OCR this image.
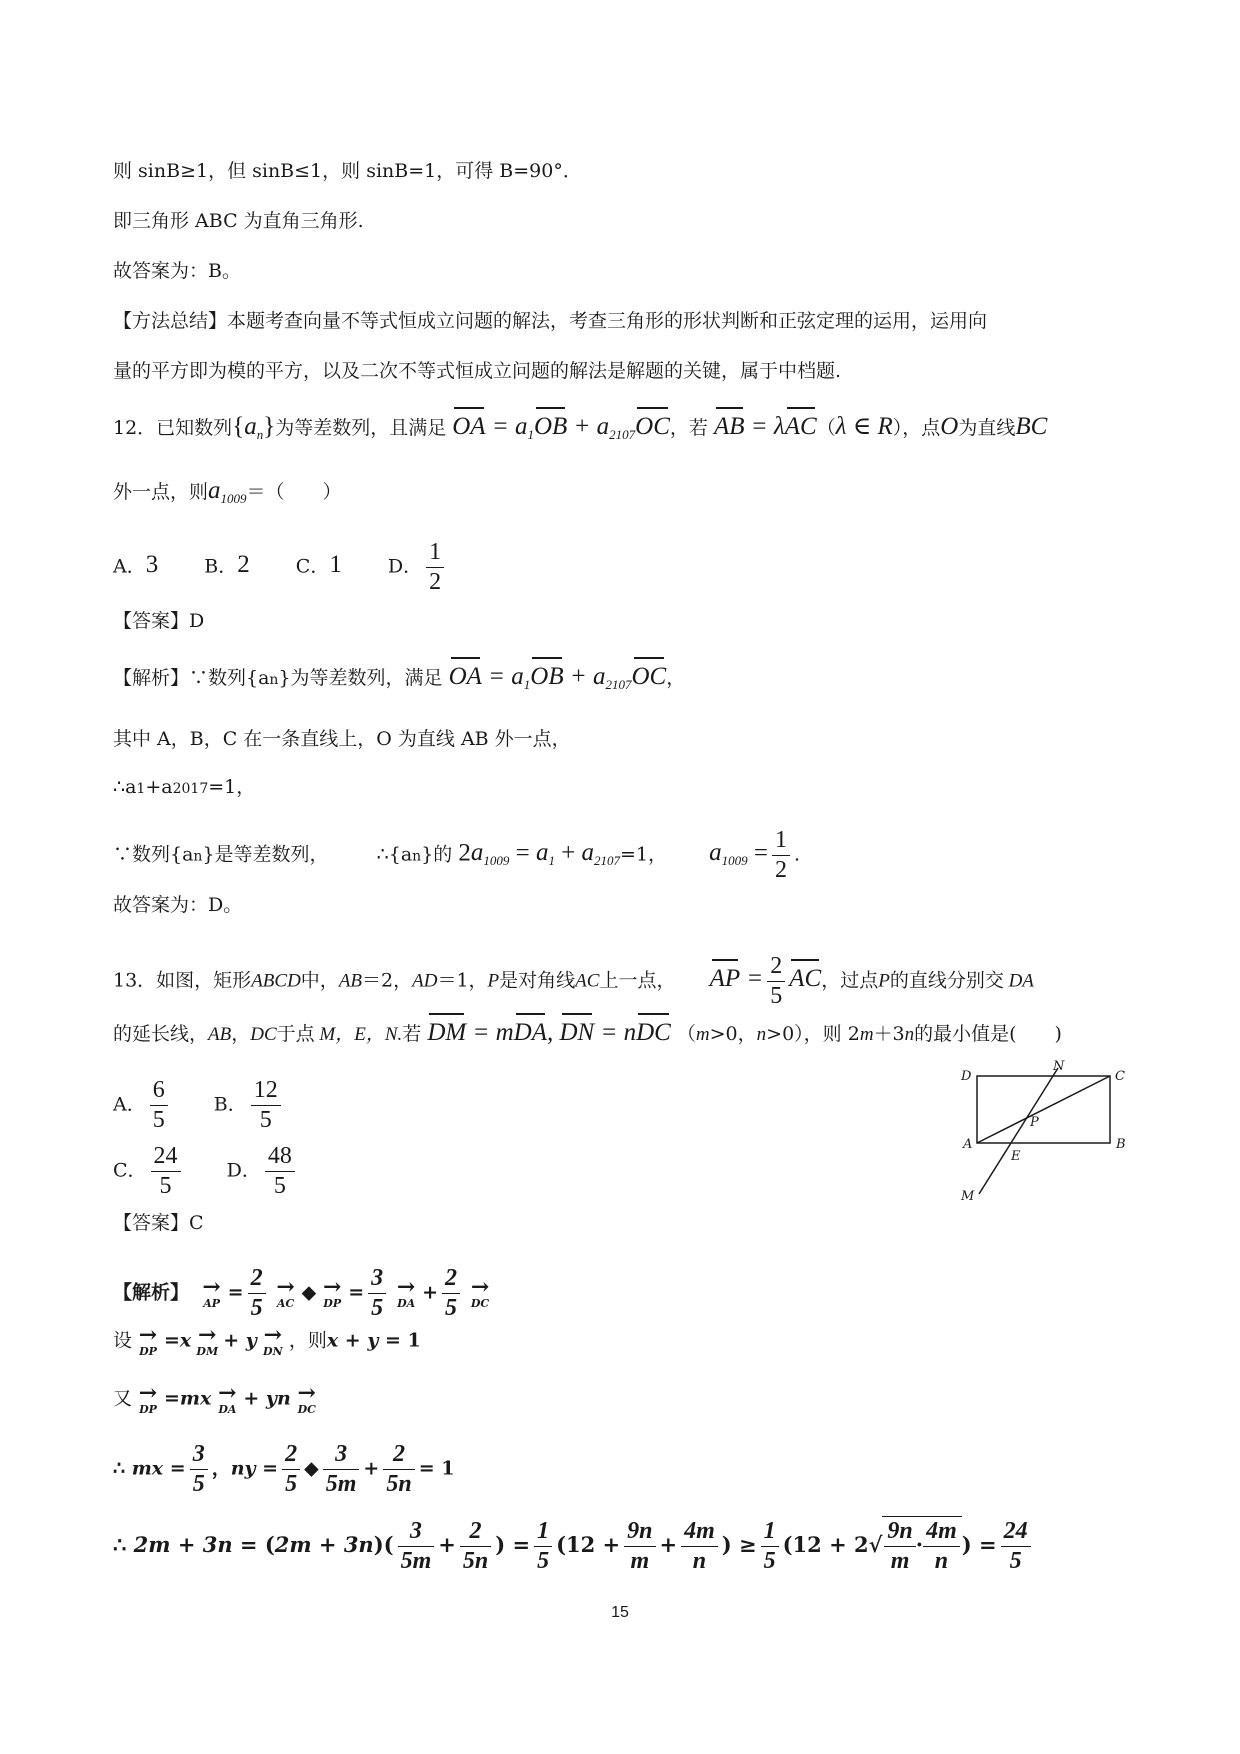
则 sinB≥1，但 sinB≤1，则 sinB=1，可得 B=90°．
即三角形 ABC 为直角三角形.
故答案为：B。
【方法总结】本题考查向量不等式恒成立问题的解法，考查三角形的形状判断和正弦定理的运用，运用向
量的平方即为模的平方，以及二次不等式恒成立问题的解法是解题的关键，属于中档题.
12．已知数列$\{a_n\}$为等差数列，且满足 OA = $a_1OB + a_{2107}OC$，若 AB = λAC（λ ∈ R），点O为直线BC
外一点，则$a_{1009}=$（　　）
A．3 B．2 C．1 D． $\frac{1}{2}$
【答案】D
【解析】∵数列{an}为等差数列，满足 OA = $a_1OB + a_{2107}OC$，
其中 A，B，C 在一条直线上，O 为直线 AB 外一点，
∴a1+a2017=1，
∵数列{an}是等差数列，	∴{an}的 $2a_{1009} = a_1 + a_{2107}=1$， $a_{1009} = \frac{1}{2}$ .
故答案为：D。
13．如图，矩形ABCD中，AB＝2，AD＝1，P是对角线AC上一点， AP = $\frac{2}{5}$ AC，过点P的直线分别交 DA
的延长线，AB，DC于点 M，E，N.若 DM = mDA, DN = nDC （m>0，n>0），则 2m＋3n的最小值是(　　)
A． $\frac{6}{5}$ B． $\frac{12}{5}$
C． $\frac{24}{5}$ D． $\frac{48}{5}$
【答案】C
D
N
C
P
A
E
B
M
【解析】 →
AP = $\frac{2}{5}$ →
AC ◆ →
DP = $\frac{3}{5}$ →
DA + $\frac{2}{5}$ →
DC
设 →
DP =x →
DM + y →
DN ，则x + y = 1
又 →
DP =mx →
DA + yn →
DC
∴ mx = $\frac{3}{5}$ ，ny = $\frac{2}{5}$ ◆ $\frac{3}{5m} + \frac{2}{5n} = 1$
∴ $2m + 3n = (2m + 3n)( \frac{3}{5m} + \frac{2}{5n}$ ) = $\frac{1}{5} (12 + \frac{9n}{m} + \frac{4m}{n}$ ) ≥ $\frac{1}{5} (12 + 2√ \frac{9n}{m} \cdot \frac{4m}{n}$ ) = $\frac{24}{5}$
15
